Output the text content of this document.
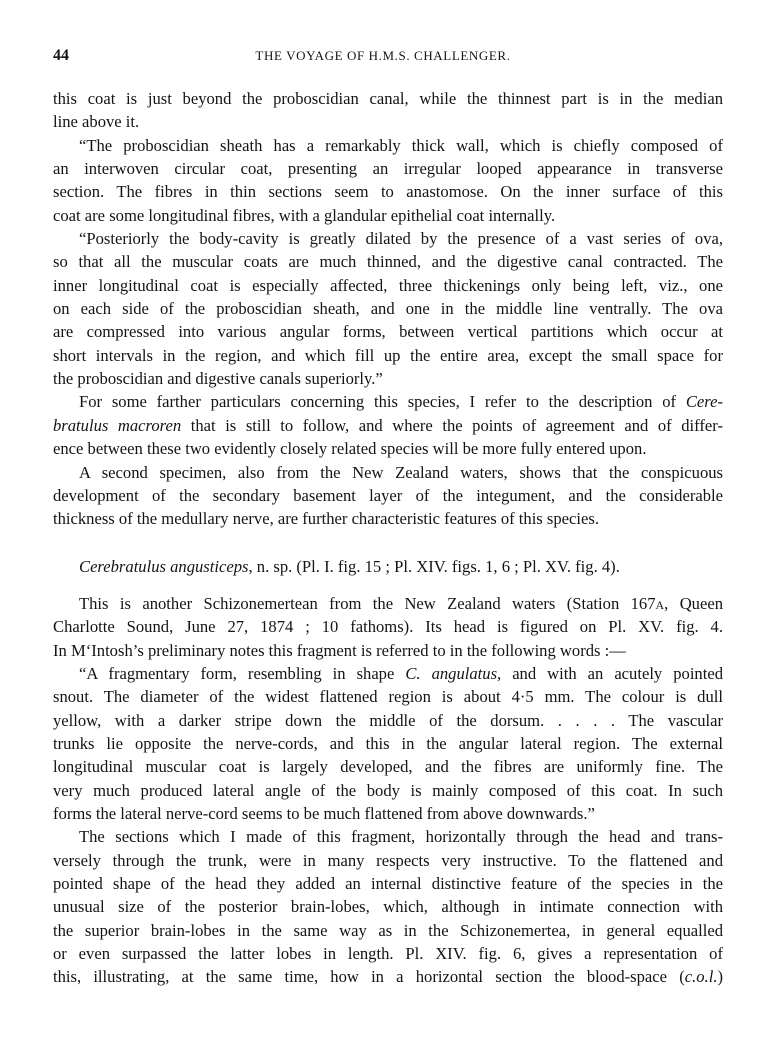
44	THE VOYAGE OF H.M.S. CHALLENGER.
this coat is just beyond the proboscidian canal, while the thinnest part is in the median
line above it.
“The proboscidian sheath has a remarkably thick wall, which is chiefly composed of
an interwoven circular coat, presenting an irregular looped appearance in transverse
section. The fibres in thin sections seem to anastomose. On the inner surface of this
coat are some longitudinal fibres, with a glandular epithelial coat internally.
“Posteriorly the body-cavity is greatly dilated by the presence of a vast series of ova,
so that all the muscular coats are much thinned, and the digestive canal contracted. The
inner longitudinal coat is especially affected, three thickenings only being left, viz., one
on each side of the proboscidian sheath, and one in the middle line ventrally. The ova
are compressed into various angular forms, between vertical partitions which occur at
short intervals in the region, and which fill up the entire area, except the small space for
the proboscidian and digestive canals superiorly.”
For some farther particulars concerning this species, I refer to the description of Cere-
bratulus macroren that is still to follow, and where the points of agreement and of differ-
ence between these two evidently closely related species will be more fully entered upon.
A second specimen, also from the New Zealand waters, shows that the conspicuous
development of the secondary basement layer of the integument, and the considerable
thickness of the medullary nerve, are further characteristic features of this species.
Cerebratulus angusticeps, n. sp. (Pl. I. fig. 15 ; Pl. XIV. figs. 1, 6 ; Pl. XV. fig. 4).
This is another Schizonemertean from the New Zealand waters (Station 167A, Queen
Charlotte Sound, June 27, 1874 ; 10 fathoms). Its head is figured on Pl. XV. fig. 4.
In M‘Intosh’s preliminary notes this fragment is referred to in the following words :—
“A fragmentary form, resembling in shape C. angulatus, and with an acutely pointed
snout. The diameter of the widest flattened region is about 4·5 mm. The colour is dull
yellow, with a darker stripe down the middle of the dorsum. . . . . The vascular
trunks lie opposite the nerve-cords, and this in the angular lateral region. The external
longitudinal muscular coat is largely developed, and the fibres are uniformly fine. The
very much produced lateral angle of the body is mainly composed of this coat. In such
forms the lateral nerve-cord seems to be much flattened from above downwards.”
The sections which I made of this fragment, horizontally through the head and trans-
versely through the trunk, were in many respects very instructive. To the flattened and
pointed shape of the head they added an internal distinctive feature of the species in the
unusual size of the posterior brain-lobes, which, although in intimate connection with
the superior brain-lobes in the same way as in the Schizonemertea, in general equalled
or even surpassed the latter lobes in length. Pl. XIV. fig. 6, gives a representation of
this, illustrating, at the same time, how in a horizontal section the blood-space (c.o.l.)
